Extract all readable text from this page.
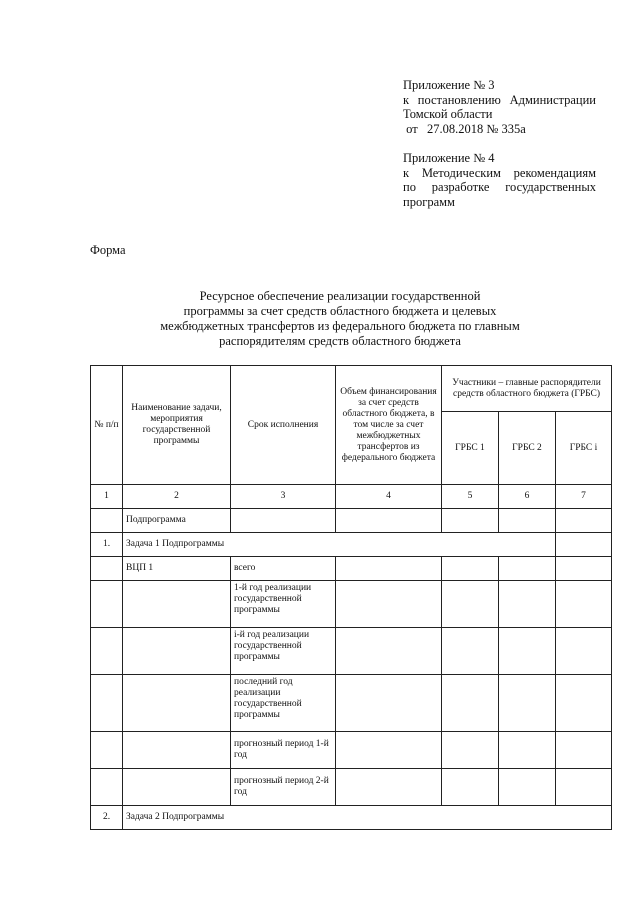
Приложение № 3
к постановлению Администрации
Томской области
от   27.08.2018 № 335а
Приложение № 4
к Методическим рекомендациям
по разработке государственных
программ
Форма
Ресурсное обеспечение реализации государственной
программы за счет средств областного бюджета и целевых
межбюджетных трансфертов из федерального бюджета по главным
распорядителям средств областного бюджета
№ п/п	Наименование задачи, мероприятия государственной программы	Срок исполнения	Объем финансирования за счет средств областного бюджета, в том числе за счет межбюджетных трансфертов из федерального бюджета	Участники – главные распорядители средств областного бюджета (ГРБС)		
				ГРБС 1	ГРБС 2	ГРБС i
1	2	3	4	5	6	7
	Подпрограмма					
1.	Задача 1 Подпрограммы					
	ВЦП 1	всего				
		1-й год реализации государственной программы				
		i-й год реализации государственной программы				
		последний год реализации государственной программы				
		прогнозный период 1-й год				
		прогнозный период 2-й год				
2.	Задача 2 Подпрограммы					
